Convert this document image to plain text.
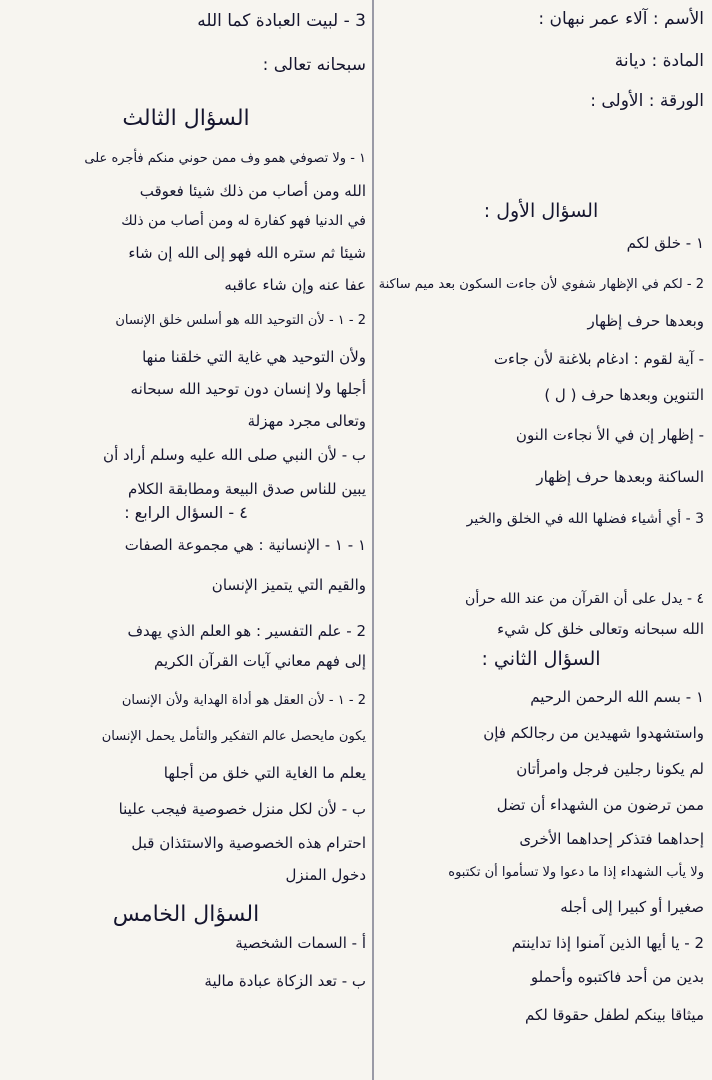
الأسم : آلاء عمر نبهان :
المادة : ديانة
الورقة : الأولى :
السؤال الأول :
١ - خلق لكم
2 - لكم في الإظهار شفوي لأن جاءت السكون بعد ميم ساكنة
وبعدها حرف إظهار
- آية لقوم : ادغام بلاغنة لأن جاءت
التنوين وبعدها حرف ( ل )
- إظهار إن في الأ نجاءت النون
الساكنة وبعدها حرف إظهار
3 - أي أشياء فضلها الله في الخلق والخير
٤ - يدل على أن القرآن من عند الله حرأن
الله سبحانه وتعالى خلق كل شيء
السؤال الثاني :
١ - بسم الله الرحمن الرحيم
واستشهدوا شهيدين من رجالكم فإن
لم يكونا رجلين فرجل وامرأتان
ممن ترضون من الشهداء أن تضل
إحداهما فتذكر إحداهما الأخرى
ولا يأب الشهداء إذا ما دعوا ولا تسأموا أن تكتبوه
صغيرا أو كبيرا إلى أجله
2 - يا أيها الذين آمنوا إذا تداينتم
بدين من أحد فاكتبوه وأحملو
ميثاقا بينكم لطفل حقوقا لكم
3 - لبيت العبادة كما الله
سبحانه تعالى :
السؤال الثالث
١ - ولا تصوفي همو وف ممن حوني منكم فأجره على
الله ومن أصاب من ذلك شيئا فعوقب
في الدنيا فهو كفارة له ومن أصاب من ذلك
شيئا ثم ستره الله فهو إلى الله إن شاء
عفا عنه وإن شاء عاقبه
2 - ١ - لأن التوحيد الله هو أسلس خلق الإنسان
ولأن التوحيد هي غاية التي خلقنا منها
أجلها ولا إنسان دون توحيد الله سبحانه
وتعالى مجرد مهزلة
ب - لأن النبي صلى الله عليه وسلم أراد أن
يبين للناس صدق البيعة ومطابقة الكلام
٤ - السؤال الرابع :
١ - ١ - الإنسانية : هي مجموعة الصفات
والقيم التي يتميز الإنسان
2 - علم التفسير : هو العلم الذي يهدف
إلى فهم معاني آيات القرآن الكريم
2 - ١ - لأن العقل هو أداة الهداية ولأن الإنسان
يكون مايحصل عالم التفكير والتأمل يحمل الإنسان
يعلم ما الغاية التي خلق من أجلها
ب - لأن لكل منزل خصوصية فيجب علينا
احترام هذه الخصوصية والاستئذان قبل
دخول المنزل
السؤال الخامس
أ - السمات الشخصية
ب - تعد الزكاة عبادة مالية
